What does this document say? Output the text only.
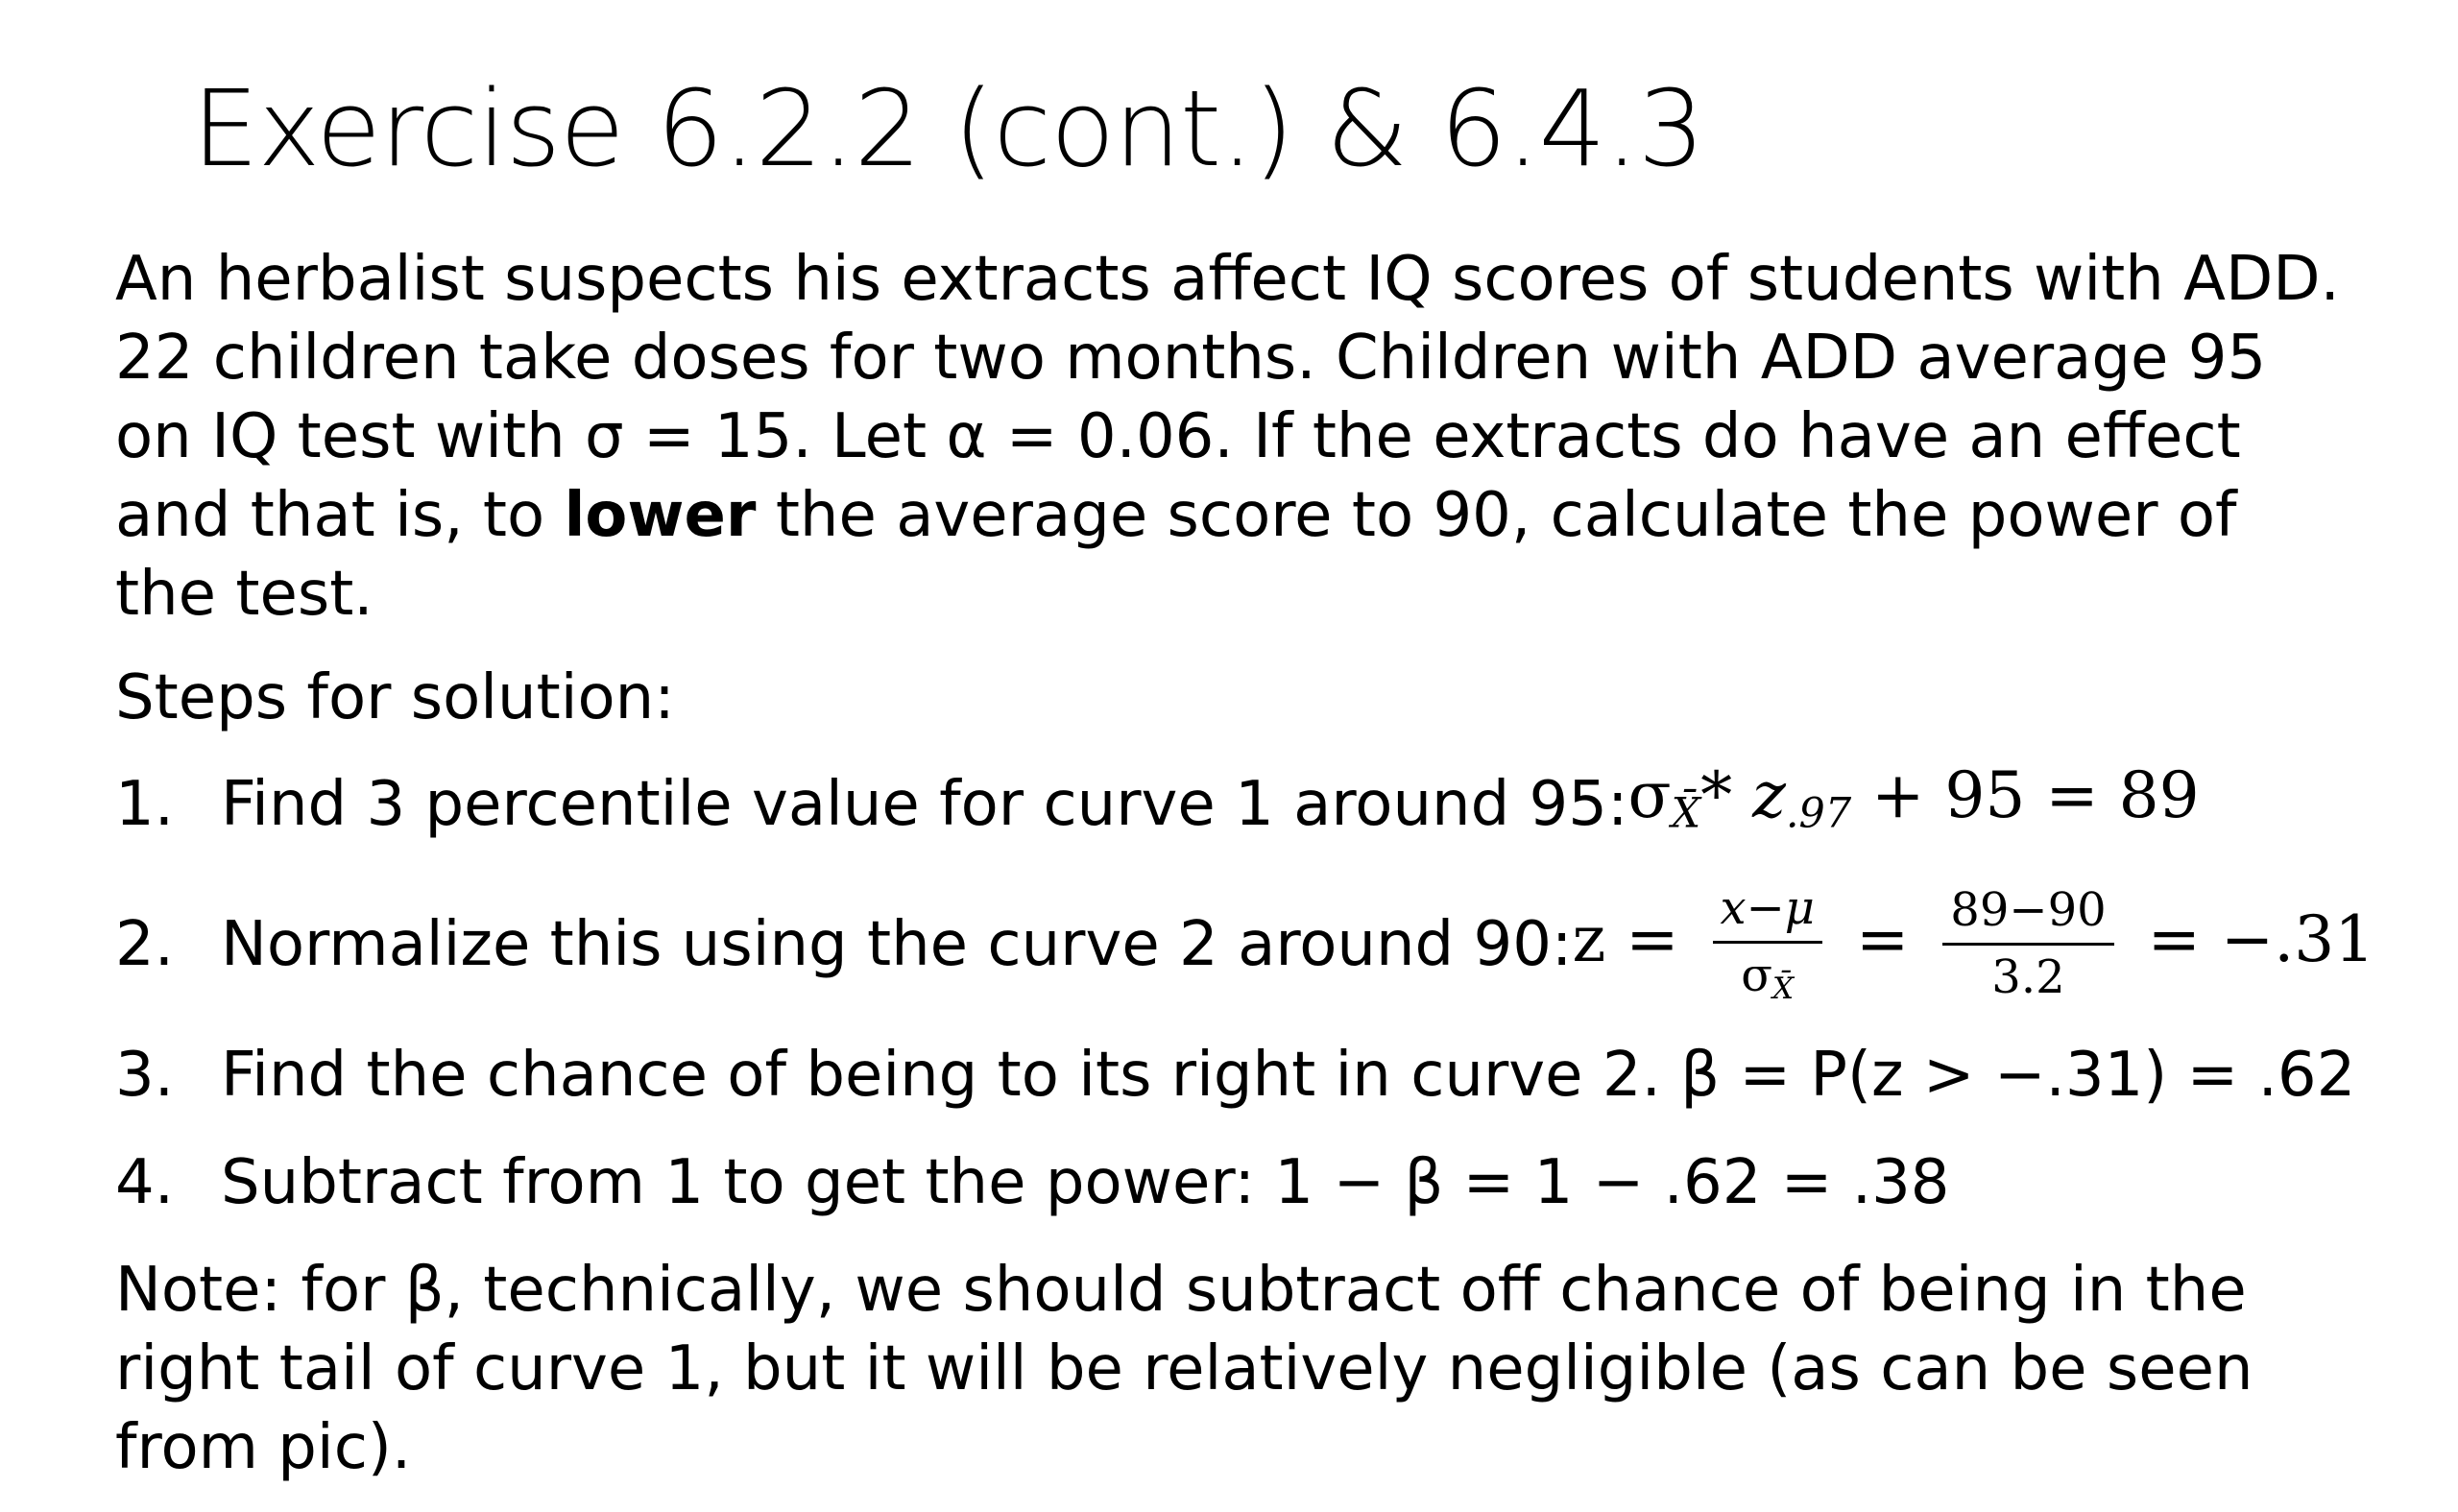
Exercise 6.2.2 (cont.) & 6.4.3

An herbalist suspects his extracts affect IQ scores of students with ADD. 22 children take doses for two months. Children with ADD average 95 on IQ test with σ = 15. Let α = 0.06. If the extracts do have an effect and that is, to lower the average score to 90, calculate the power of the test.

Steps for solution:

1. Find 3 percentile value for curve 1 around 95: $\sigma_{X̄}*$ $z_{.97} + 95 = 89$
2. Normalize this using the curve 2 around 90: $z = \frac{x-\mu}{\sigma_{X̄}} = \frac{89-90}{3.2} = -.31$
3. Find the chance of being to its right in curve 2. β = P(z > −.31) = .62
4. Subtract from 1 to get the power: 1 − β = 1 − .62 = .38

Note: for β, technically, we should subtract off chance of being in the right tail of curve 1, but it will be relatively negligible (as can be seen from pic).
